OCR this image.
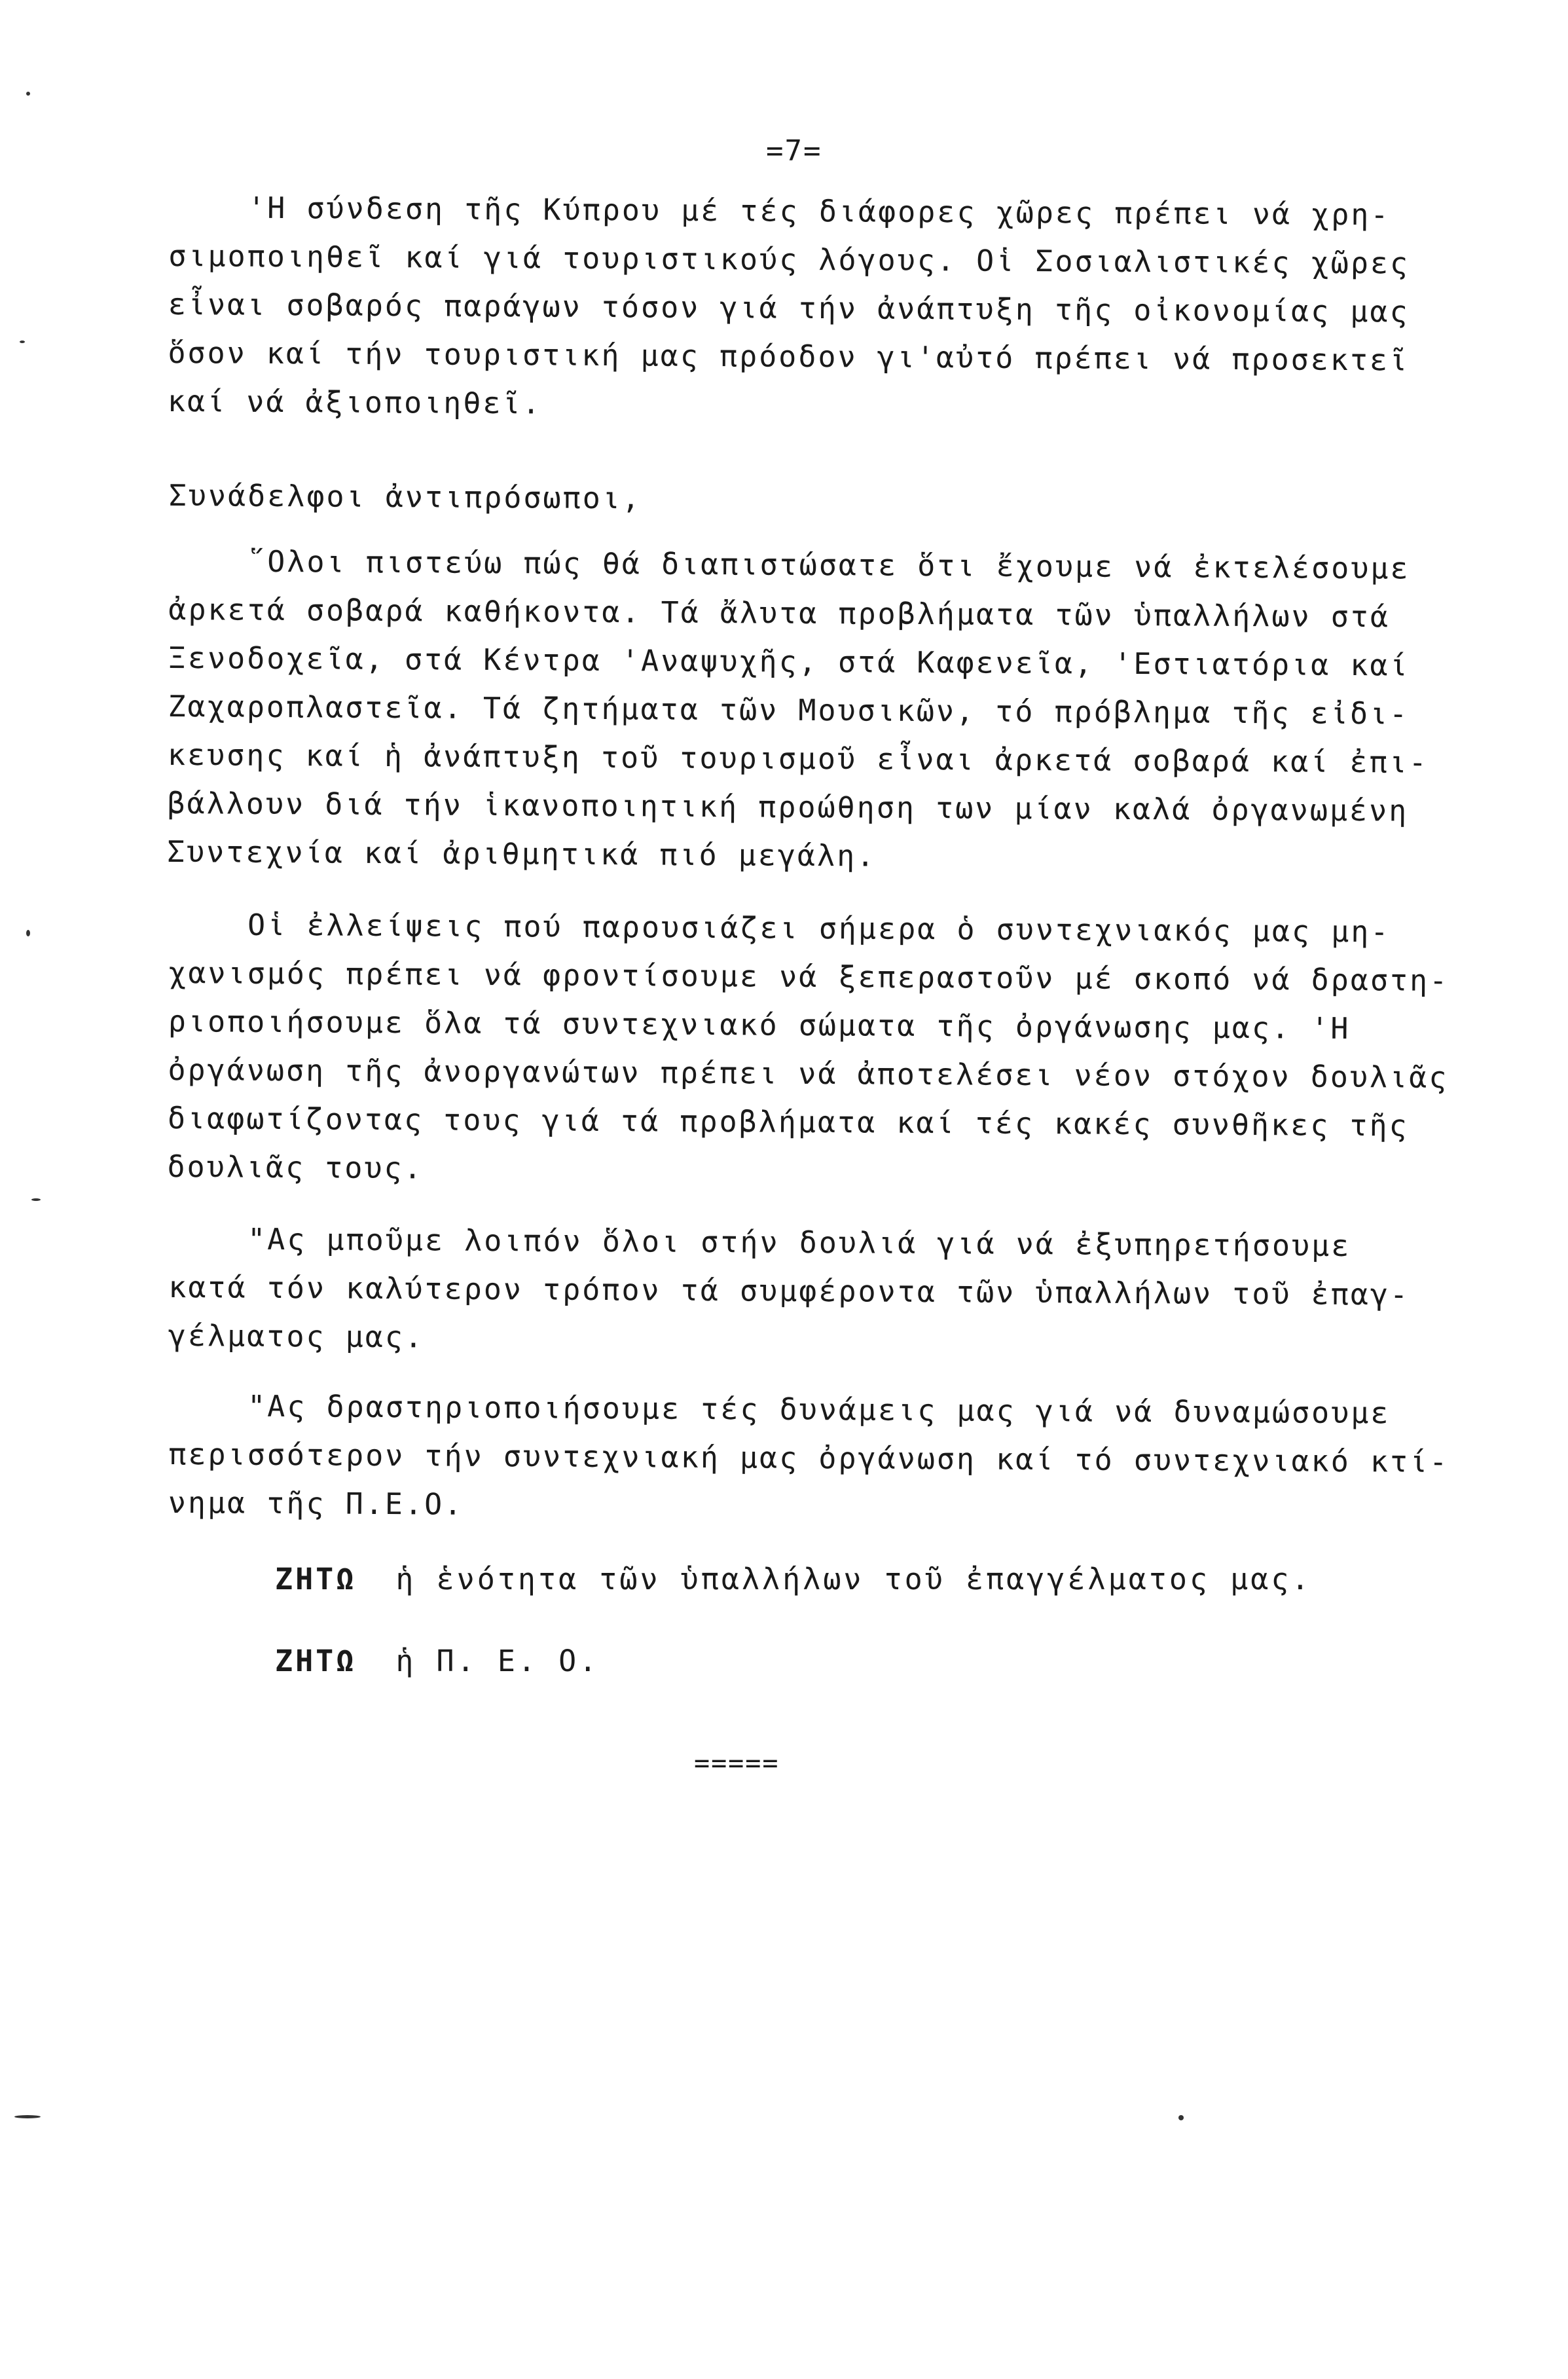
=7=
'Η σύνδεση τῆς Κύπρου μέ τές διάφορες χῶρες πρέπει νά χρη-
σιμοποιηθεῖ καί γιά τουριστικούς λόγους. Οἱ Σοσιαλιστικές χῶρες
εἶναι σοβαρός παράγων τόσον γιά τήν ἀνάπτυξη τῆς οἰκονομίας μας
ὅσον καί τήν τουριστική μας πρόοδον γι'αὐτό πρέπει νά προσεκτεῖ
καί νά ἀξιοποιηθεῖ.
Συνάδελφοι ἀντιπρόσωποι,
῞Ολοι πιστεύω πώς θά διαπιστώσατε ὅτι ἔχουμε νά ἐκτελέσουμε
ἀρκετά σοβαρά καθήκοντα. Τά ἄλυτα προβλήματα τῶν ὑπαλλήλων στά
Ξενοδοχεῖα, στά Κέντρα 'Αναψυχῆς, στά Καφενεῖα, 'Εστιατόρια καί
Ζαχαροπλαστεῖα. Τά ζητήματα τῶν Μουσικῶν, τό πρόβλημα τῆς εἰδι-
κευσης καί ἡ ἀνάπτυξη τοῦ τουρισμοῦ εἶναι ἀρκετά σοβαρά καί ἐπι-
βάλλουν διά τήν ἱκανοποιητική προώθηση των μίαν καλά ὀργανωμένη
Συντεχνία καί ἀριθμητικά πιό μεγάλη.
Οἱ ἐλλείψεις πού παρουσιάζει σήμερα ὁ συντεχνιακός μας μη-
χανισμός πρέπει νά φροντίσουμε νά ξεπεραστοῦν μέ σκοπό νά δραστη-
ριοποιήσουμε ὅλα τά συντεχνιακό σώματα τῆς ὀργάνωσης μας. 'Η
ὀργάνωση τῆς ἀνοργανώτων πρέπει νά ἀποτελέσει νέον στόχον δουλιᾶς
διαφωτίζοντας τους γιά τά προβλήματα καί τές κακές συνθῆκες τῆς
δουλιᾶς τους.
"Ας μποῦμε λοιπόν ὅλοι στήν δουλιά γιά νά ἐξυπηρετήσουμε
κατά τόν καλύτερον τρόπον τά συμφέροντα τῶν ὑπαλλήλων τοῦ ἐπαγ-
γέλματος μας.
"Ας δραστηριοποιήσουμε τές δυνάμεις μας γιά νά δυναμώσουμε
περισσότερον τήν συντεχνιακή μας ὀργάνωση καί τό συντεχνιακό κτί-
νημα τῆς Π.Ε.Ο.
ΖΗΤΩ ἡ ἑνότητα τῶν ὑπαλλήλων τοῦ ἐπαγγέλματος μας.
ΖΗΤΩ ἡ Π. Ε. Ο.
=====
